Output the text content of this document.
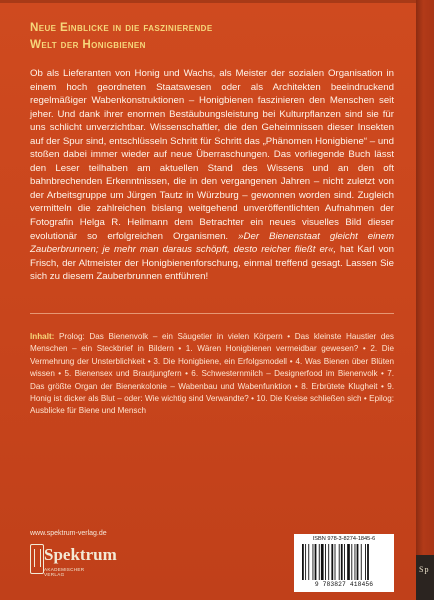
Neue Einblicke in die faszinierende
Welt der Honigbienen

Ob als Lieferanten von Honig und Wachs, als Meister der sozialen Organisation in einem hoch geordneten Staatswesen oder als Architekten beeindruckend regelmäßiger Wabenkonstruktionen – Honigbienen faszinieren den Menschen seit jeher. Und dank ihrer enormen Bestäubungsleistung bei Kulturpflanzen sind sie für uns schlicht unverzichtbar. Wissenschaftler, die den Geheimnissen dieser Insekten auf der Spur sind, entschlüsseln Schritt für Schritt das „Phänomen Honigbiene“ – und stoßen dabei immer wieder auf neue Überraschungen. Das vorliegende Buch lässt den Leser teilhaben am aktuellen Stand des Wissens und an den oft bahnbrechenden Erkenntnissen, die in den vergangenen Jahren – nicht zuletzt von der Arbeitsgruppe um Jürgen Tautz in Würzburg – gewonnen worden sind. Zugleich vermitteln die zahlreichen bislang weitgehend unveröffentlichten Aufnahmen der Fotografin Helga R. Heilmann dem Betrachter ein neues visuelles Bild dieser evolutionär so erfolgreichen Organismen. »Der Bienenstaat gleicht einem Zauberbrunnen; je mehr man daraus schöpft, desto reicher fließt er«, hat Karl von Frisch, der Altmeister der Honigbienenforschung, einmal treffend gesagt. Lassen Sie sich zu diesem Zauberbrunnen entführen!

Inhalt: Prolog: Das Bienenvolk – ein Säugetier in vielen Körpern • Das kleinste Haustier des Menschen – ein Steckbrief in Bildern • 1. Wären Honigbienen vermeidbar gewesen? • 2. Die Vermehrung der Unsterblichkeit • 3. Die Honigbiene, ein Erfolgsmodell • 4. Was Bienen über Blüten wissen • 5. Bienensex und Brautjungfern • 6. Schwesternmilch – Designerfood im Bienenvolk • 7. Das größte Organ der Bienenkolonie – Wabenbau und Wabenfunktion • 8. Erbrütete Klugheit • 9. Honig ist dicker als Blut – oder: Wie wichtig sind Verwandte? • 10. Die Kreise schließen sich • Epilog: Ausblicke für Biene und Mensch
www.spektrum-verlag.de
Spektrum
AKADEMISCHER VERLAG
ISBN 978-3-8274-1845-6
9 783827 418456
Sp
